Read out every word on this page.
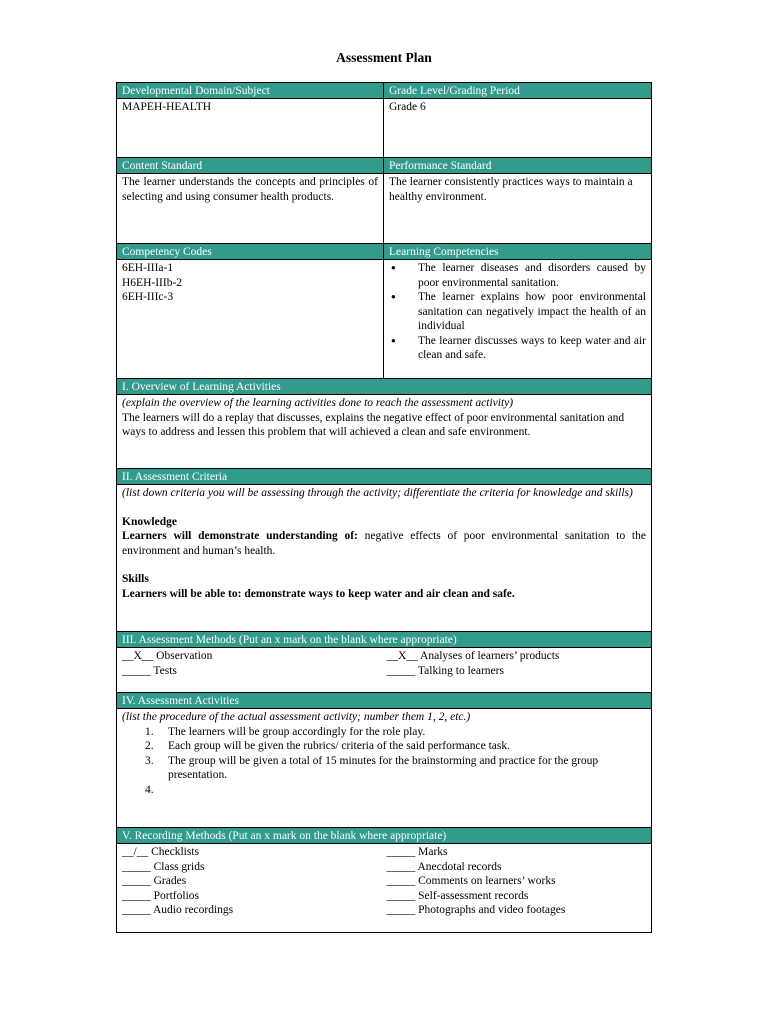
Assessment Plan
Developmental Domain/Subject
MAPEH-HEALTH
Grade Level/Grading Period
Grade 6
Content Standard
The learner understands the concepts and principles of selecting and using consumer health products.
Performance Standard
The learner consistently practices ways to maintain a healthy environment.
Competency Codes
6EH-IIIa-1
H6EH-IIIb-2
6EH-IIIc-3
Learning Competencies
● The learner diseases and disorders caused by poor environmental sanitation.
● The learner explains how poor environmental sanitation can negatively impact the health of an individual
● The learner discusses ways to keep water and air clean and safe.
I. Overview of Learning Activities
(explain the overview of the learning activities done to reach the assessment activity)
The learners will do a replay that discusses, explains the negative effect of poor environmental sanitation and ways to address and lessen this problem that will achieved a clean and safe environment.
II. Assessment Criteria
(list down criteria you will be assessing through the activity; differentiate the criteria for knowledge and skills)
Knowledge
Learners will demonstrate understanding of: negative effects of poor environmental sanitation to the environment and human’s health.
Skills
Learners will be able to: demonstrate ways to keep water and air clean and safe.
III. Assessment Methods (Put an x mark on the blank where appropriate)
__X__ Observation
_____ Tests
__X__ Analyses of learners’ products
_____ Talking to learners
IV. Assessment Activities
(list the procedure of the actual assessment activity; number them 1, 2, etc.)
1. The learners will be group accordingly for the role play.
2. Each group will be given the rubrics/ criteria of the said performance task.
3. The group will be given a total of 15 minutes for the brainstorming and practice for the group presentation.
4.
V. Recording Methods (Put an x mark on the blank where appropriate)
__/__ Checklists
_____ Class grids
_____ Grades
_____ Portfolios
_____ Audio recordings
_____ Marks
_____ Anecdotal records
_____ Comments on learners’ works
_____ Self-assessment records
_____ Photographs and video footages
